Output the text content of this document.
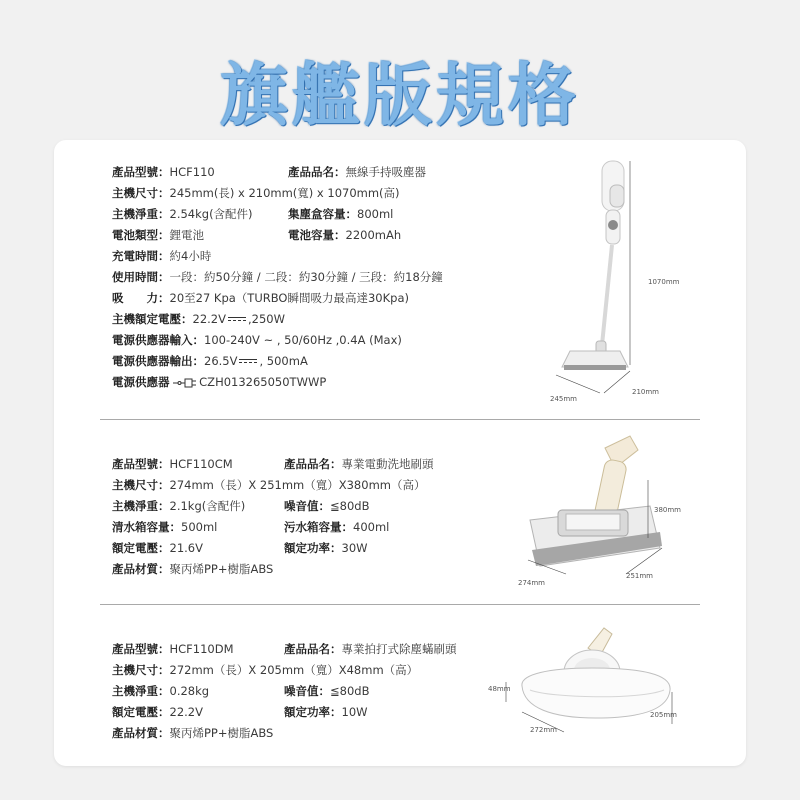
旗艦版規格
產品型號：HCF110	產品品名：無線手持吸塵器
主機尺寸：245mm(長) x 210mm(寬) x 1070mm(高)
主機淨重：2.54kg(含配件)	集塵盒容量：800ml
電池類型：鋰電池	電池容量：2200mAh
充電時間：約4小時
使用時間：一段：約50分鐘 / 二段：約30分鐘 / 三段：約18分鐘
吸　　力：20至27 Kpa（TURBO瞬間吸力最高達30Kpa)
主機額定電壓：22.2V ,250W
電源供應器輸入：100-240V ~ , 50/60Hz ,0.4A (Max)
電源供應器輸出：26.5V , 500mA
電源供應器	CZH013265050TWWP
1070mm
245mm
210mm
產品型號：HCF110CM	產品品名：專業電動洗地刷頭
主機尺寸：274mm（長）X 251mm（寬）X380mm（高）
主機淨重：2.1kg(含配件)	噪音值：≦80dB
清水箱容量：500ml	污水箱容量：400ml
額定電壓：21.6V	額定功率：30W
產品材質：聚丙烯PP+樹脂ABS
380mm
274mm
251mm
產品型號：HCF110DM	產品品名：專業拍打式除塵蟎刷頭
主機尺寸：272mm（長）X 205mm（寬）X48mm（高）
主機淨重：0.28kg	噪音值：≦80dB
額定電壓：22.2V	額定功率：10W
產品材質：聚丙烯PP+樹脂ABS
48mm
272mm
205mm
